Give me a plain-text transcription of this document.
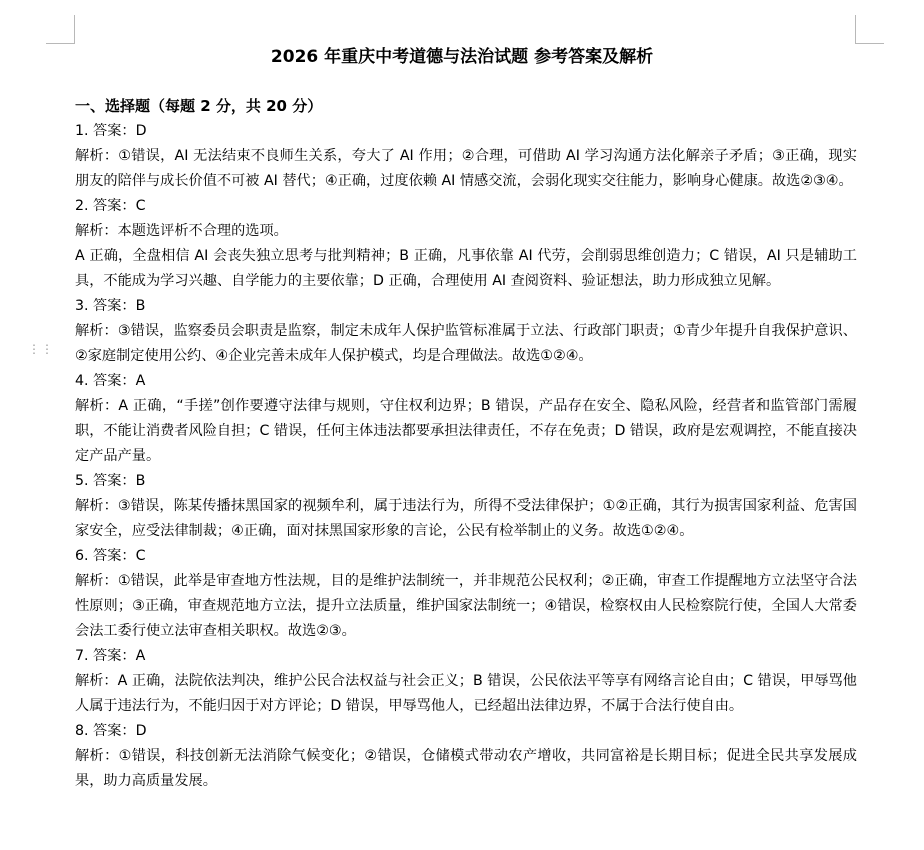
⋮⋮
2026 年重庆中考道德与法治试题 参考答案及解析

一、选择题（每题 2 分，共 20 分）

1. 答案：D

解析：①错误，AI 无法结束不良师生关系，夸大了 AI 作用；②合理，可借助 AI 学习沟通方法化解亲子矛盾；③正确，现实朋友的陪伴与成长价值不可被 AI 替代；④正确，过度依赖 AI 情感交流，会弱化现实交往能力，影响身心健康。故选②③④。

2. 答案：C

解析：本题选评析不合理的选项。

A 正确，全盘相信 AI 会丧失独立思考与批判精神；B 正确，凡事依靠 AI 代劳，会削弱思维创造力；C 错误，AI 只是辅助工具，不能成为学习兴趣、自学能力的主要依靠；D 正确，合理使用 AI 查阅资料、验证想法，助力形成独立见解。

3. 答案：B

解析：③错误，监察委员会职责是监察，制定未成年人保护监管标准属于立法、行政部门职责；①青少年提升自我保护意识、②家庭制定使用公约、④企业完善未成年人保护模式，均是合理做法。故选①②④。

4. 答案：A

解析：A 正确，“手搓”创作要遵守法律与规则，守住权利边界；B 错误，产品存在安全、隐私风险，经营者和监管部门需履职，不能让消费者风险自担；C 错误，任何主体违法都要承担法律责任，不存在免责；D 错误，政府是宏观调控，不能直接决定产品产量。

5. 答案：B

解析：③错误，陈某传播抹黑国家的视频牟利，属于违法行为，所得不受法律保护；①②正确，其行为损害国家利益、危害国家安全，应受法律制裁；④正确，面对抹黑国家形象的言论，公民有检举制止的义务。故选①②④。

6. 答案：C

解析：①错误，此举是审查地方性法规，目的是维护法制统一，并非规范公民权利；②正确，审查工作提醒地方立法坚守合法性原则；③正确，审查规范地方立法，提升立法质量，维护国家法制统一；④错误，检察权由人民检察院行使，全国人大常委会法工委行使立法审查相关职权。故选②③。

7. 答案：A

解析：A 正确，法院依法判决，维护公民合法权益与社会正义；B 错误，公民依法平等享有网络言论自由；C 错误，甲辱骂他人属于违法行为，不能归因于对方评论；D 错误，甲辱骂他人，已经超出法律边界，不属于合法行使自由。

8. 答案：D

解析：①错误，科技创新无法消除气候变化；②错误，仓储模式带动农产增收，共同富裕是长期目标；促进全民共享发展成果，助力高质量发展。
